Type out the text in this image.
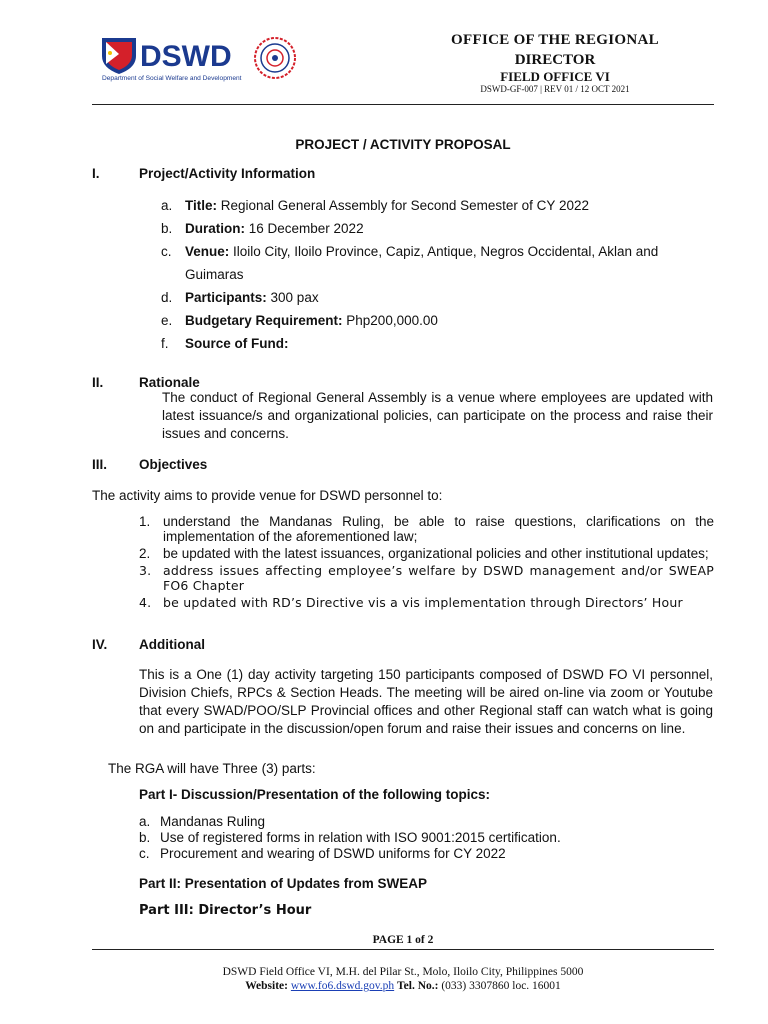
DSWD
Department of Social Welfare and Development
OFFICE OF THE REGIONAL
DIRECTOR
FIELD OFFICE VI
DSWD-GF-007 | REV 01 / 12 OCT 2021
PROJECT / ACTIVITY PROPOSAL
I.	Project/Activity Information
a. Title: Regional General Assembly for Second Semester of CY 2022
b. Duration: 16 December 2022
c. Venue: Iloilo City, Iloilo Province, Capiz, Antique, Negros Occidental, Aklan and
Guimaras
d. Participants: 300 pax
e. Budgetary Requirement: Php200,000.00
f. Source of Fund:
II.	Rationale
The conduct of Regional General Assembly is a venue where employees are updated with latest issuance/s and organizational policies, can participate on the process and raise their issues and concerns.
III. Objectives
The activity aims to provide venue for DSWD personnel to:
1. understand the Mandanas Ruling, be able to raise questions, clarifications on the implementation of the aforementioned law;
2. be updated with the latest issuances, organizational policies and other institutional updates;
3. address issues affecting employee’s welfare by DSWD management and/or SWEAP FO6 Chapter
4. be updated with RD’s Directive vis a vis implementation through Directors’ Hour
IV. Additional
This is a One (1) day activity targeting 150 participants composed of DSWD FO VI personnel, Division Chiefs, RPCs & Section Heads. The meeting will be aired on-line via zoom or Youtube that every SWAD/POO/SLP Provincial offices and other Regional staff can watch what is going on and participate in the discussion/open forum and raise their issues and concerns on line.
The RGA will have Three (3) parts:
Part I- Discussion/Presentation of the following topics:
a. Mandanas Ruling
b. Use of registered forms in relation with ISO 9001:2015 certification.
c. Procurement and wearing of DSWD uniforms for CY 2022
Part II: Presentation of Updates from SWEAP
Part III: Director’s Hour
PAGE 1 of 2
DSWD Field Office VI, M.H. del Pilar St., Molo, Iloilo City, Philippines 5000
Website: www.fo6.dswd.gov.ph Tel. No.: (033) 3307860 loc. 16001
